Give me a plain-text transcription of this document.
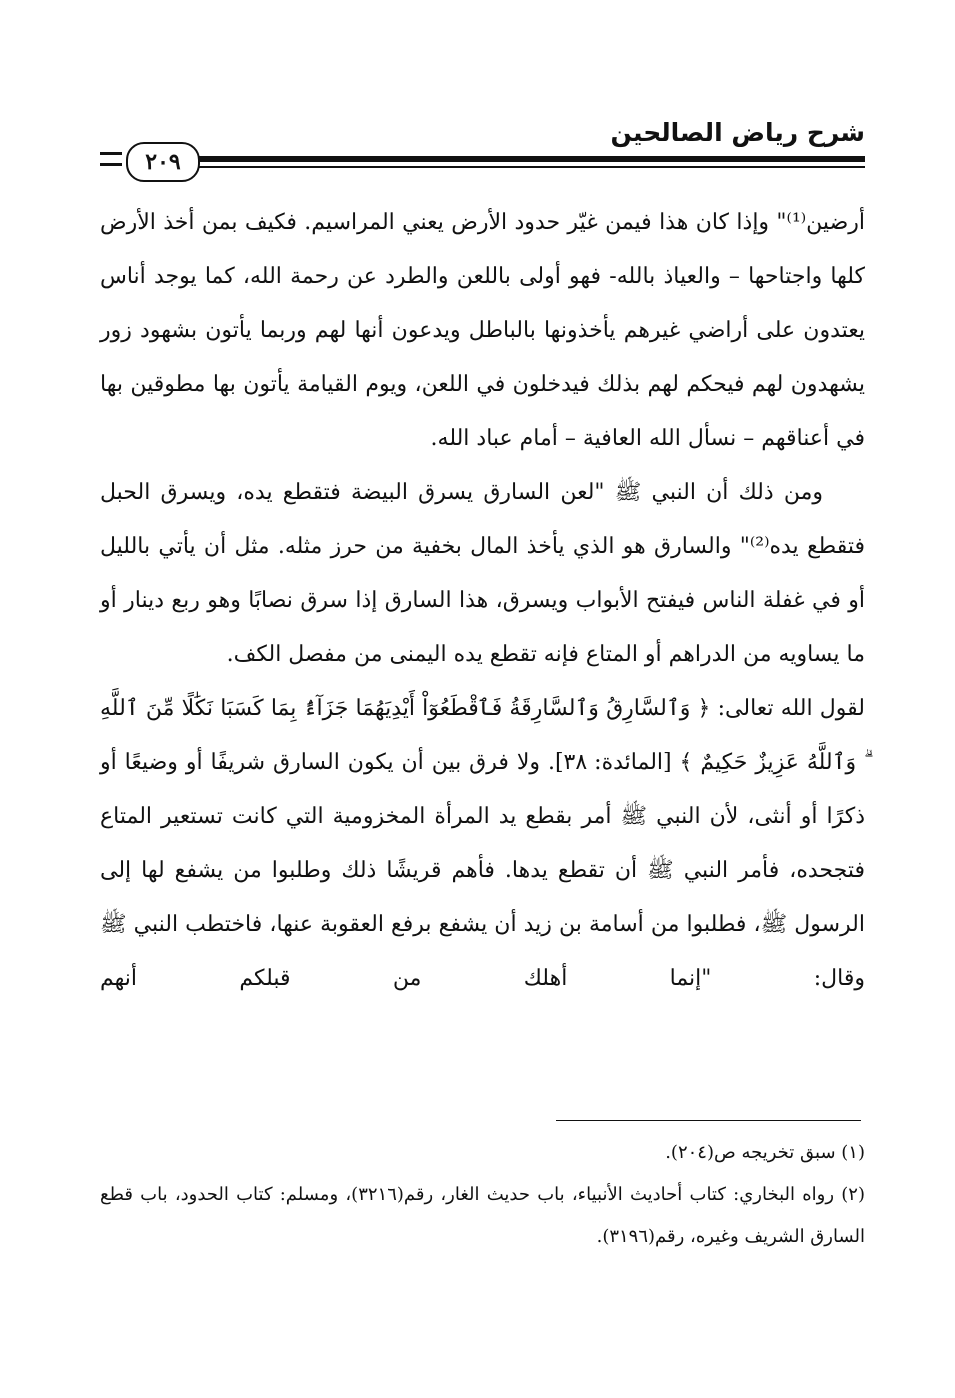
شرح رياض الصالحين
٢٠٩

أرضين⁽¹⁾" وإذا كان هذا فيمن غيّر حدود الأرض يعني المراسيم. فكيف بمن أخذ الأرض كلها واجتاحها – والعياذ بالله- فهو أولى باللعن والطرد عن رحمة الله، كما يوجد أناس يعتدون على أراضي غيرهم يأخذونها بالباطل ويدعون أنها لهم وربما يأتون بشهود زور يشهدون لهم فيحكم لهم بذلك فيدخلون في اللعن، ويوم القيامة يأتون بها مطوقين بها في أعناقهم – نسأل الله العافية – أمام عباد الله.

ومن ذلك أن النبي ﷺ "لعن السارق يسرق البيضة فتقطع يده، ويسرق الحبل فتقطع يده⁽²⁾" والسارق هو الذي يأخذ المال بخفية من حرز مثله. مثل أن يأتي بالليل أو في غفلة الناس فيفتح الأبواب ويسرق، هذا السارق إذا سرق نصابًا وهو ربع دينار أو ما يساويه من الدراهم أو المتاع فإنه تقطع يده اليمنى من مفصل الكف.

لقول الله تعالى: ﴿ وَٱلسَّارِقُ وَٱلسَّارِقَةُ فَٱقْطَعُوٓاْ أَيْدِيَهُمَا جَزَآءًۢ بِمَا كَسَبَا نَكَٰلًا مِّنَ ٱللَّهِ ۗ وَٱللَّهُ عَزِيزٌ حَكِيمٌ ﴾ [المائدة: ٣٨]. ولا فرق بين أن يكون السارق شريفًا أو وضيعًا أو ذكرًا أو أنثى، لأن النبي ﷺ أمر بقطع يد المرأة المخزومية التي كانت تستعير المتاع فتجحده، فأمر النبي ﷺ أن تقطع يدها. فأهم قريشًا ذلك وطلبوا من يشفع لها إلى الرسول ﷺ، فطلبوا من أسامة بن زيد أن يشفع برفع العقوبة عنها، فاختطب النبي ﷺ وقال: "إنما أهلك من قبلكم أنهم

(١) سبق تخريجه ص(٢٠٤).

(٢) رواه البخاري: كتاب أحاديث الأنبياء، باب حديث الغار، رقم(٣٢١٦)، ومسلم: كتاب الحدود، باب قطع السارق الشريف وغيره، رقم(٣١٩٦).
